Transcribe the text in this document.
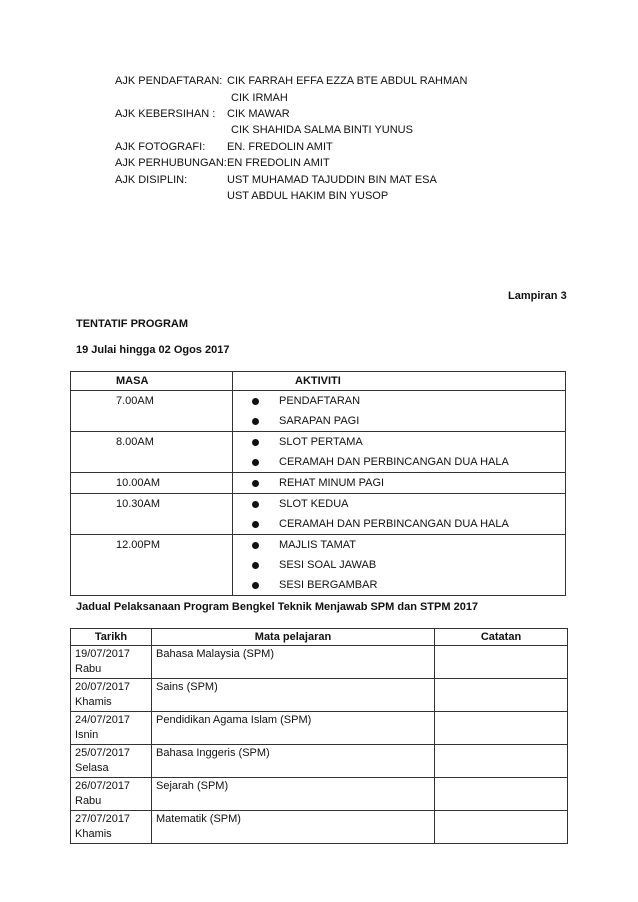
AJK PENDAFTARAN: CIK FARRAH EFFA EZZA BTE ABDUL RAHMAN
CIK IRMAH
AJK KEBERSIHAN : CIK MAWAR
CIK SHAHIDA SALMA BINTI YUNUS
AJK FOTOGRAFI: EN. FREDOLIN AMIT
AJK PERHUBUNGAN: EN FREDOLIN AMIT
AJK DISIPLIN:	UST MUHAMAD TAJUDDIN BIN MAT ESA
UST ABDUL HAKIM BIN YUSOP
Lampiran 3
TENTATIF PROGRAM
19 Julai hingga 02 Ogos 2017
MASA	AKTIVITI

7.00AM	PENDAFTARAN
SARAPAN PAGI

8.00AM	SLOT PERTAMA
CERAMAH DAN PERBINCANGAN DUA HALA

10.00AM	REHAT MINUM PAGI

10.30AM	SLOT KEDUA
CERAMAH DAN PERBINCANGAN DUA HALA

12.00PM	MAJLIS TAMAT
SESI SOAL JAWAB
SESI BERGAMBAR
Jadual Pelaksanaan Program Bengkel Teknik Menjawab SPM dan STPM 2017
Tarikh	Mata pelajaran	Catatan

19/07/2017
Rabu	Bahasa Malaysia (SPM)	

20/07/2017
Khamis	Sains (SPM)	

24/07/2017
Isnin	Pendidikan Agama Islam (SPM)	

25/07/2017
Selasa	Bahasa Inggeris (SPM)	

26/07/2017
Rabu	Sejarah (SPM)	

27/07/2017
Khamis	Matematik (SPM)	
